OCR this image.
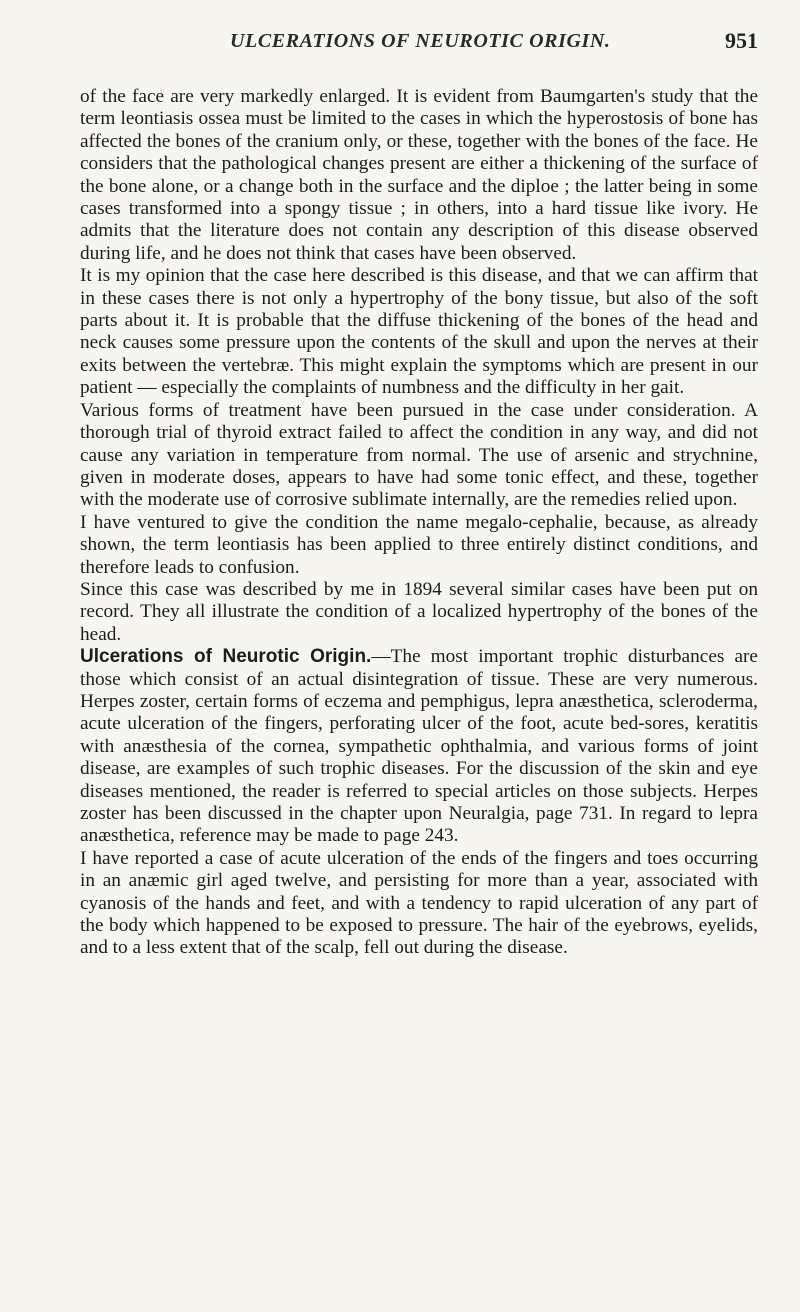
ULCERATIONS OF NEUROTIC ORIGIN.	951

of the face are very markedly enlarged. It is evident from Baumgarten's study that the term leontiasis ossea must be limited to the cases in which the hyperostosis of bone has affected the bones of the cranium only, or these, together with the bones of the face. He considers that the pathological changes present are either a thickening of the surface of the bone alone, or a change both in the surface and the diploe ; the latter being in some cases transformed into a spongy tissue ; in others, into a hard tissue like ivory. He admits that the literature does not contain any description of this disease observed during life, and he does not think that cases have been observed.

It is my opinion that the case here described is this disease, and that we can affirm that in these cases there is not only a hypertrophy of the bony tissue, but also of the soft parts about it. It is probable that the diffuse thickening of the bones of the head and neck causes some pressure upon the contents of the skull and upon the nerves at their exits between the vertebræ. This might explain the symptoms which are present in our patient — especially the complaints of numbness and the difficulty in her gait.

Various forms of treatment have been pursued in the case under consideration. A thorough trial of thyroid extract failed to affect the condition in any way, and did not cause any variation in temperature from normal. The use of arsenic and strychnine, given in moderate doses, appears to have had some tonic effect, and these, together with the moderate use of corrosive sublimate internally, are the remedies relied upon.

I have ventured to give the condition the name megalo-cephalie, because, as already shown, the term leontiasis has been applied to three entirely distinct conditions, and therefore leads to confusion.

Since this case was described by me in 1894 several similar cases have been put on record. They all illustrate the condition of a localized hypertrophy of the bones of the head.

Ulcerations of Neurotic Origin.—The most important trophic disturbances are those which consist of an actual disintegration of tissue. These are very numerous. Herpes zoster, certain forms of eczema and pemphigus, lepra anæsthetica, scleroderma, acute ulceration of the fingers, perforating ulcer of the foot, acute bed-sores, keratitis with anæsthesia of the cornea, sympathetic ophthalmia, and various forms of joint disease, are examples of such trophic diseases. For the discussion of the skin and eye diseases mentioned, the reader is referred to special articles on those subjects. Herpes zoster has been discussed in the chapter upon Neuralgia, page 731. In regard to lepra anæsthetica, reference may be made to page 243.

I have reported a case of acute ulceration of the ends of the fingers and toes occurring in an anæmic girl aged twelve, and persisting for more than a year, associated with cyanosis of the hands and feet, and with a tendency to rapid ulceration of any part of the body which happened to be exposed to pressure. The hair of the eyebrows, eyelids, and to a less extent that of the scalp, fell out during the disease.
